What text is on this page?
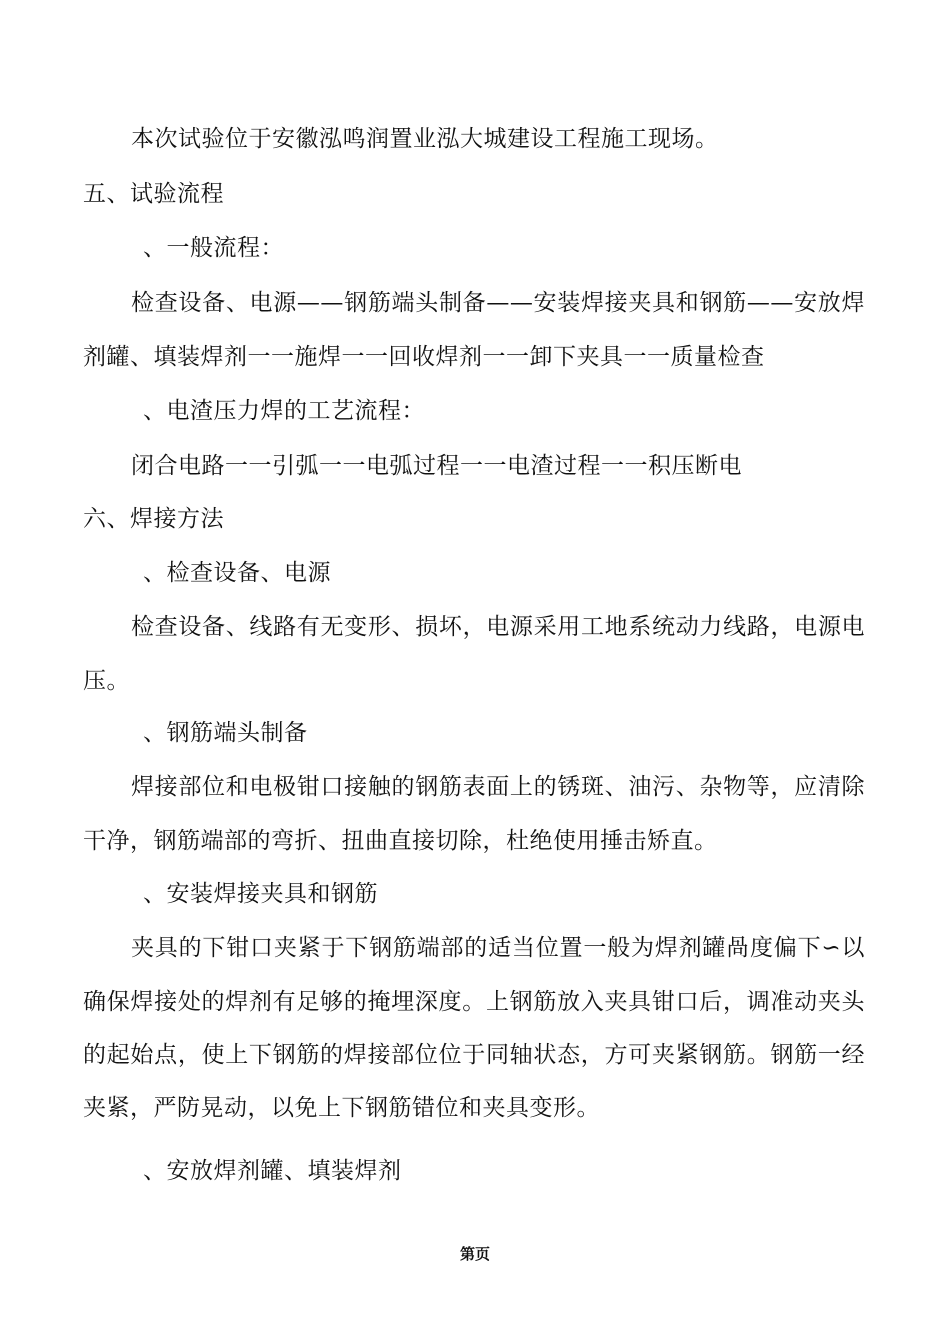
本次试验位于安徽泓鸣润置业泓大城建设工程施工现场。
五、试验流程
、一般流程：
检查设备、电源——钢筋端头制备——安装焊接夹具和钢筋——安放焊
剂罐、填装焊剂一一施焊一一回收焊剂一一卸下夹具一一质量检查
、电渣压力焊的工艺流程：
闭合电路一一引弧一一电弧过程一一电渣过程一一积压断电
六、焊接方法
、检查设备、电源
检查设备、线路有无变形、损坏，电源采用工地系统动力线路，电源电
压。
、钢筋端头制备
焊接部位和电极钳口接触的钢筋表面上的锈斑、油污、杂物等，应清除
干净，钢筋端部的弯折、扭曲直接切除，杜绝使用捶击矫直。
、安装焊接夹具和钢筋
夹具的下钳口夹紧于下钢筋端部的适当位置一般为焊剂罐咼度偏下∽以
确保焊接处的焊剂有足够的掩埋深度。上钢筋放入夹具钳口后，调准动夹头
的起始点，使上下钢筋的焊接部位位于同轴状态，方可夹紧钢筋。钢筋一经
夹紧，严防晃动，以免上下钢筋错位和夹具变形。
、安放焊剂罐、填装焊剂
第页
